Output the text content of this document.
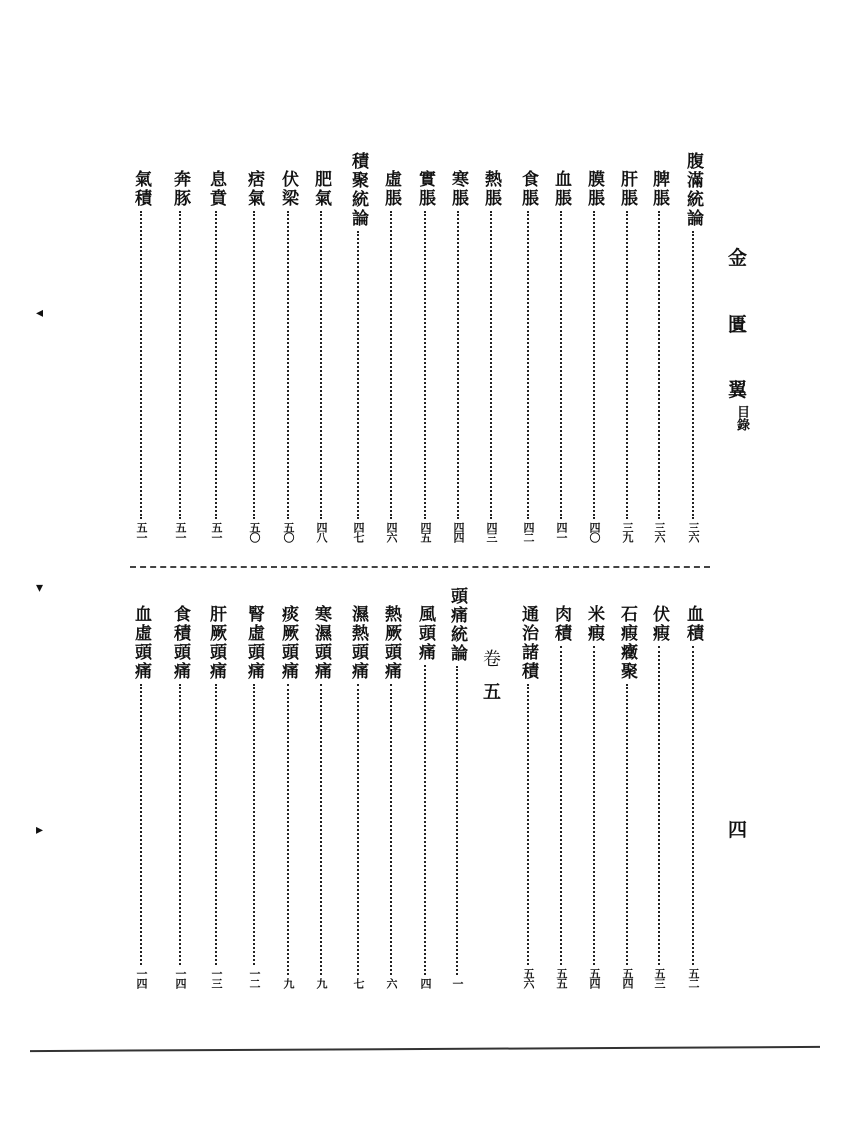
金
匱
翼
目錄
四
◂
▾
▸
卷
五
腹滿統論
三六
脾脹
三六
肝脹
三九
膜脹
四〇
血脹
四一
食脹
四二
熱脹
四三
寒脹
四四
實脹
四五
虛脹
四六
積聚統論
四七
肥氣
四八
伏梁
五〇
痞氣
五〇
息賁
五一
奔豚
五一
氣積
五一
血積
五二
伏瘕
五三
石瘕癥聚
五四
米瘕
五四
肉積
五五
通治諸積
五六
頭痛統論
一
風頭痛
四
熱厥頭痛
六
濕熱頭痛
七
寒濕頭痛
九
痰厥頭痛
九
腎虛頭痛
一二
肝厥頭痛
一三
食積頭痛
一四
血虛頭痛
一四
